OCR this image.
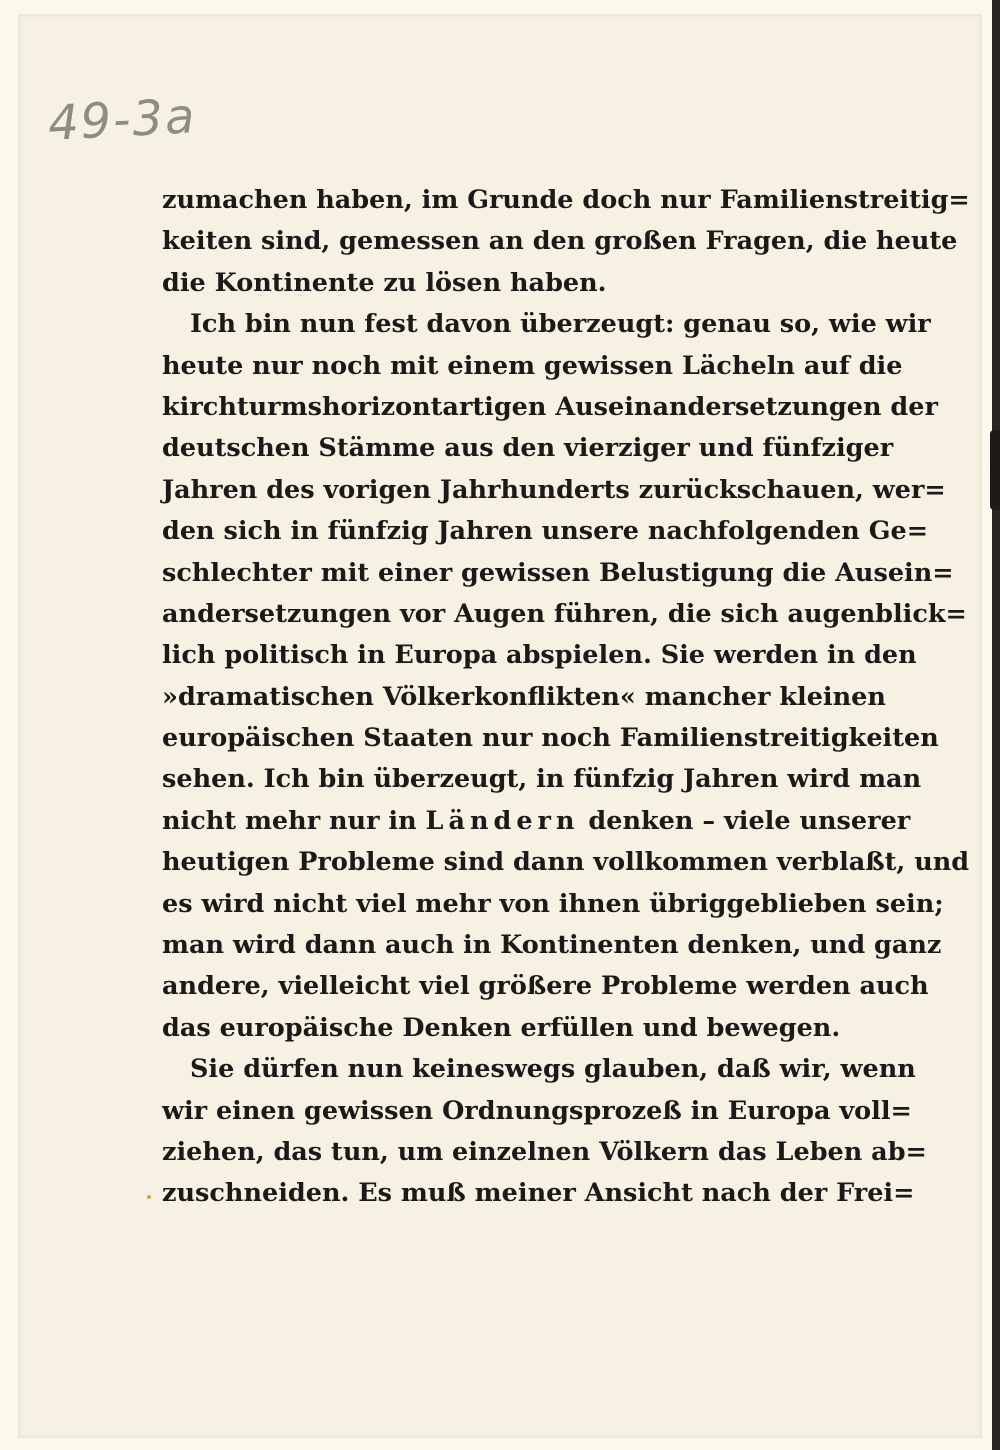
49-3a
zumachen haben, im Grunde doch nur Familienstreitig=
keiten sind, gemessen an den großen Fragen, die heute
die Kontinente zu lösen haben.
Ich bin nun fest davon überzeugt: genau so, wie wir
heute nur noch mit einem gewissen Lächeln auf die
kirchturmshorizontartigen Auseinandersetzungen der
deutschen Stämme aus den vierziger und fünfziger
Jahren des vorigen Jahrhunderts zurückschauen, wer=
den sich in fünfzig Jahren unsere nachfolgenden Ge=
schlechter mit einer gewissen Belustigung die Ausein=
andersetzungen vor Augen führen, die sich augenblick=
lich politisch in Europa abspielen. Sie werden in den
»dramatischen Völkerkonflikten« mancher kleinen
europäischen Staaten nur noch Familienstreitigkeiten
sehen. Ich bin überzeugt, in fünfzig Jahren wird man
nicht mehr nur in Ländern denken – viele unserer
heutigen Probleme sind dann vollkommen verblaßt, und
es wird nicht viel mehr von ihnen übriggeblieben sein;
man wird dann auch in Kontinenten denken, und ganz
andere, vielleicht viel größere Probleme werden auch
das europäische Denken erfüllen und bewegen.
Sie dürfen nun keineswegs glauben, daß wir, wenn
wir einen gewissen Ordnungsprozeß in Europa voll=
ziehen, das tun, um einzelnen Völkern das Leben ab=
zuschneiden. Es muß meiner Ansicht nach der Frei=
